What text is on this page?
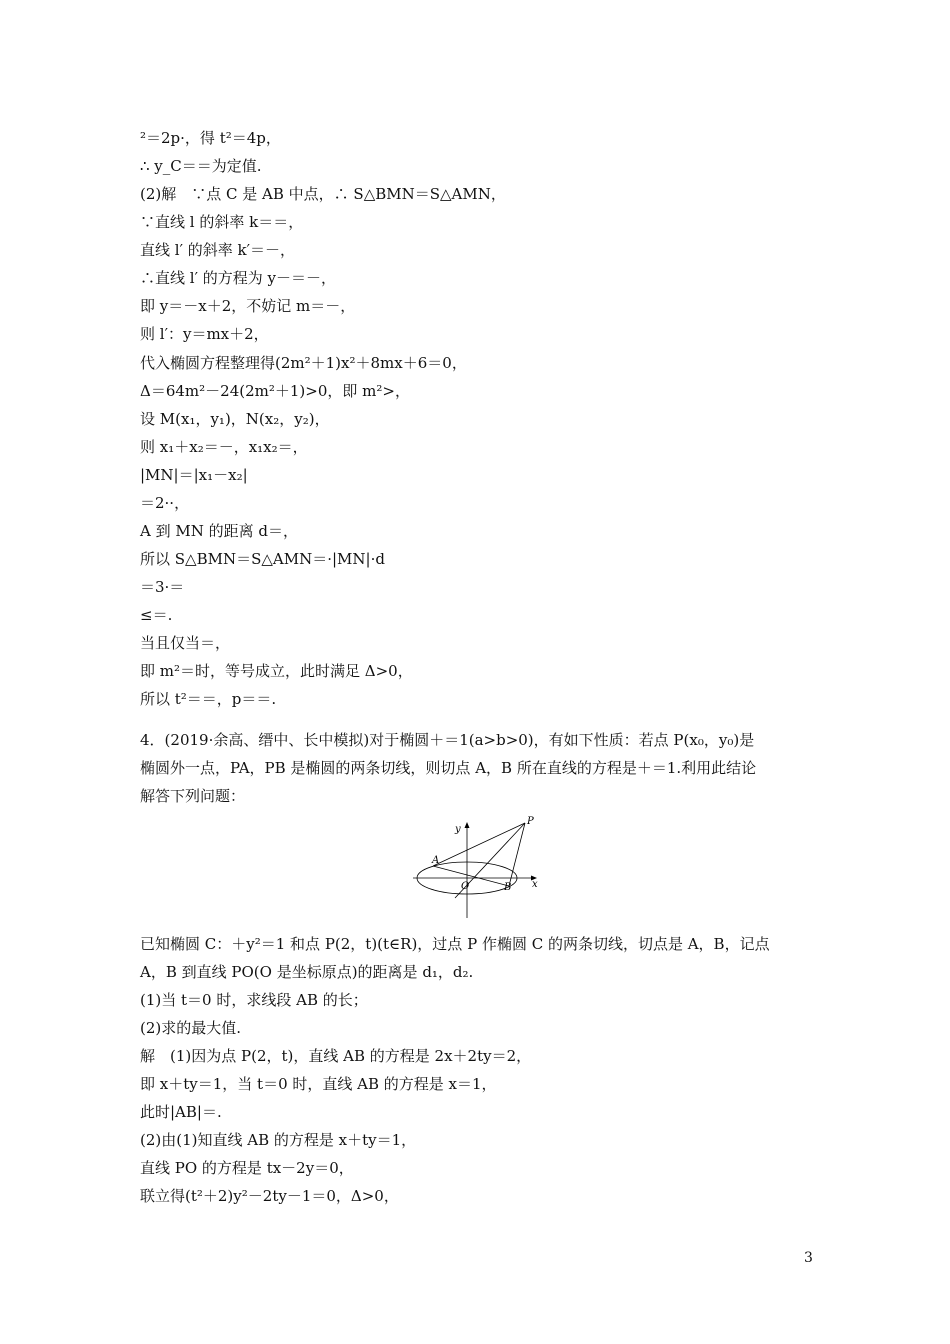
²＝2p·，得 t²＝4p，
∴ y_C＝＝为定值.
(2)解　∵点 C 是 AB 中点，∴ S△BMN＝S△AMN，
∵直线 l 的斜率 k＝＝，
直线 l′ 的斜率 k′＝－，
∴直线 l′ 的方程为 y－＝－，
即 y＝－x＋2，不妨记 m＝－，
则 l′：y＝mx＋2，
代入椭圆方程整理得(2m²＋1)x²＋8mx＋6＝0，
Δ＝64m²－24(2m²＋1)>0，即 m²>，
设 M(x₁，y₁)，N(x₂，y₂)，
则 x₁＋x₂＝－，x₁x₂＝，
|MN|＝|x₁－x₂|
＝2··，
A 到 MN 的距离 d＝，
所以 S△BMN＝S△AMN＝·|MN|·d
＝3·＝
≤＝.
当且仅当＝，
即 m²＝时，等号成立，此时满足 Δ>0，
所以 t²＝＝，p＝＝.
4．(2019·余高、缙中、长中模拟)对于椭圆＋＝1(a>b>0)，有如下性质：若点 P(x₀，y₀)是
椭圆外一点，PA，PB 是椭圆的两条切线，则切点 A，B 所在直线的方程是＋＝1.利用此结论
解答下列问题：
已知椭圆 C：＋y²＝1 和点 P(2，t)(t∈R)，过点 P 作椭圆 C 的两条切线，切点是 A，B，记点
A，B 到直线 PO(O 是坐标原点)的距离是 d₁，d₂.
(1)当 t＝0 时，求线段 AB 的长；
(2)求的最大值.
解　(1)因为点 P(2，t)，直线 AB 的方程是 2x＋2ty＝2，
即 x＋ty＝1，当 t＝0 时，直线 AB 的方程是 x＝1，
此时|AB|＝.
(2)由(1)知直线 AB 的方程是 x＋ty＝1，
直线 PO 的方程是 tx－2y＝0，
联立得(t²＋2)y²－2ty－1＝0，Δ>0，
y
P
A
O	B x
3
